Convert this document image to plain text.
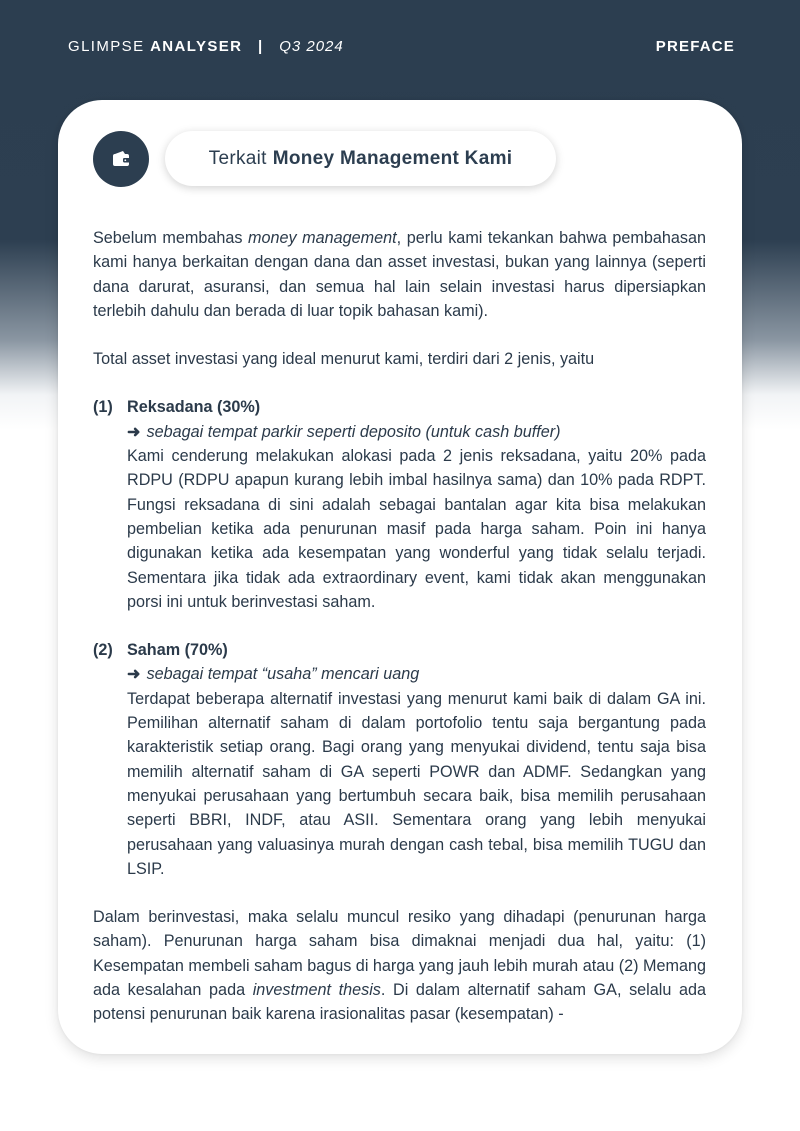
GLIMPSE ANALYSER | Q3 2024	PREFACE
Terkait Money Management Kami

Sebelum membahas money management, perlu kami tekankan bahwa pembahasan kami hanya berkaitan dengan dana dan asset investasi, bukan yang lainnya (seperti dana darurat, asuransi, dan semua hal lain selain investasi harus dipersiapkan terlebih dahulu dan berada di luar topik bahasan kami).

Total asset investasi yang ideal menurut kami, terdiri dari 2 jenis, yaitu

(1) Reksadana (30%)
➜ sebagai tempat parkir seperti deposito (untuk cash buffer)

Kami cenderung melakukan alokasi pada 2 jenis reksadana, yaitu 20% pada RDPU (RDPU apapun kurang lebih imbal hasilnya sama) dan 10% pada RDPT. Fungsi reksadana di sini adalah sebagai bantalan agar kita bisa melakukan pembelian ketika ada penurunan masif pada harga saham. Poin ini hanya digunakan ketika ada kesempatan yang wonderful yang tidak selalu terjadi. Sementara jika tidak ada extraordinary event, kami tidak akan menggunakan porsi ini untuk berinvestasi saham.

(2) Saham (70%)
➜ sebagai tempat “usaha” mencari uang

Terdapat beberapa alternatif investasi yang menurut kami baik di dalam GA ini. Pemilihan alternatif saham di dalam portofolio tentu saja bergantung pada karakteristik setiap orang. Bagi orang yang menyukai dividend, tentu saja bisa memilih alternatif saham di GA seperti POWR dan ADMF. Sedangkan yang menyukai perusahaan yang bertumbuh secara baik, bisa memilih perusahaan seperti BBRI, INDF, atau ASII. Sementara orang yang lebih menyukai perusahaan yang valuasinya murah dengan cash tebal, bisa memilih TUGU dan LSIP.

Dalam berinvestasi, maka selalu muncul resiko yang dihadapi (penurunan harga saham). Penurunan harga saham bisa dimaknai menjadi dua hal, yaitu: (1) Kesempatan membeli saham bagus di harga yang jauh lebih murah atau (2) Memang ada kesalahan pada investment thesis. Di dalam alternatif saham GA, selalu ada potensi penurunan baik karena irasionalitas pasar (kesempatan) -
